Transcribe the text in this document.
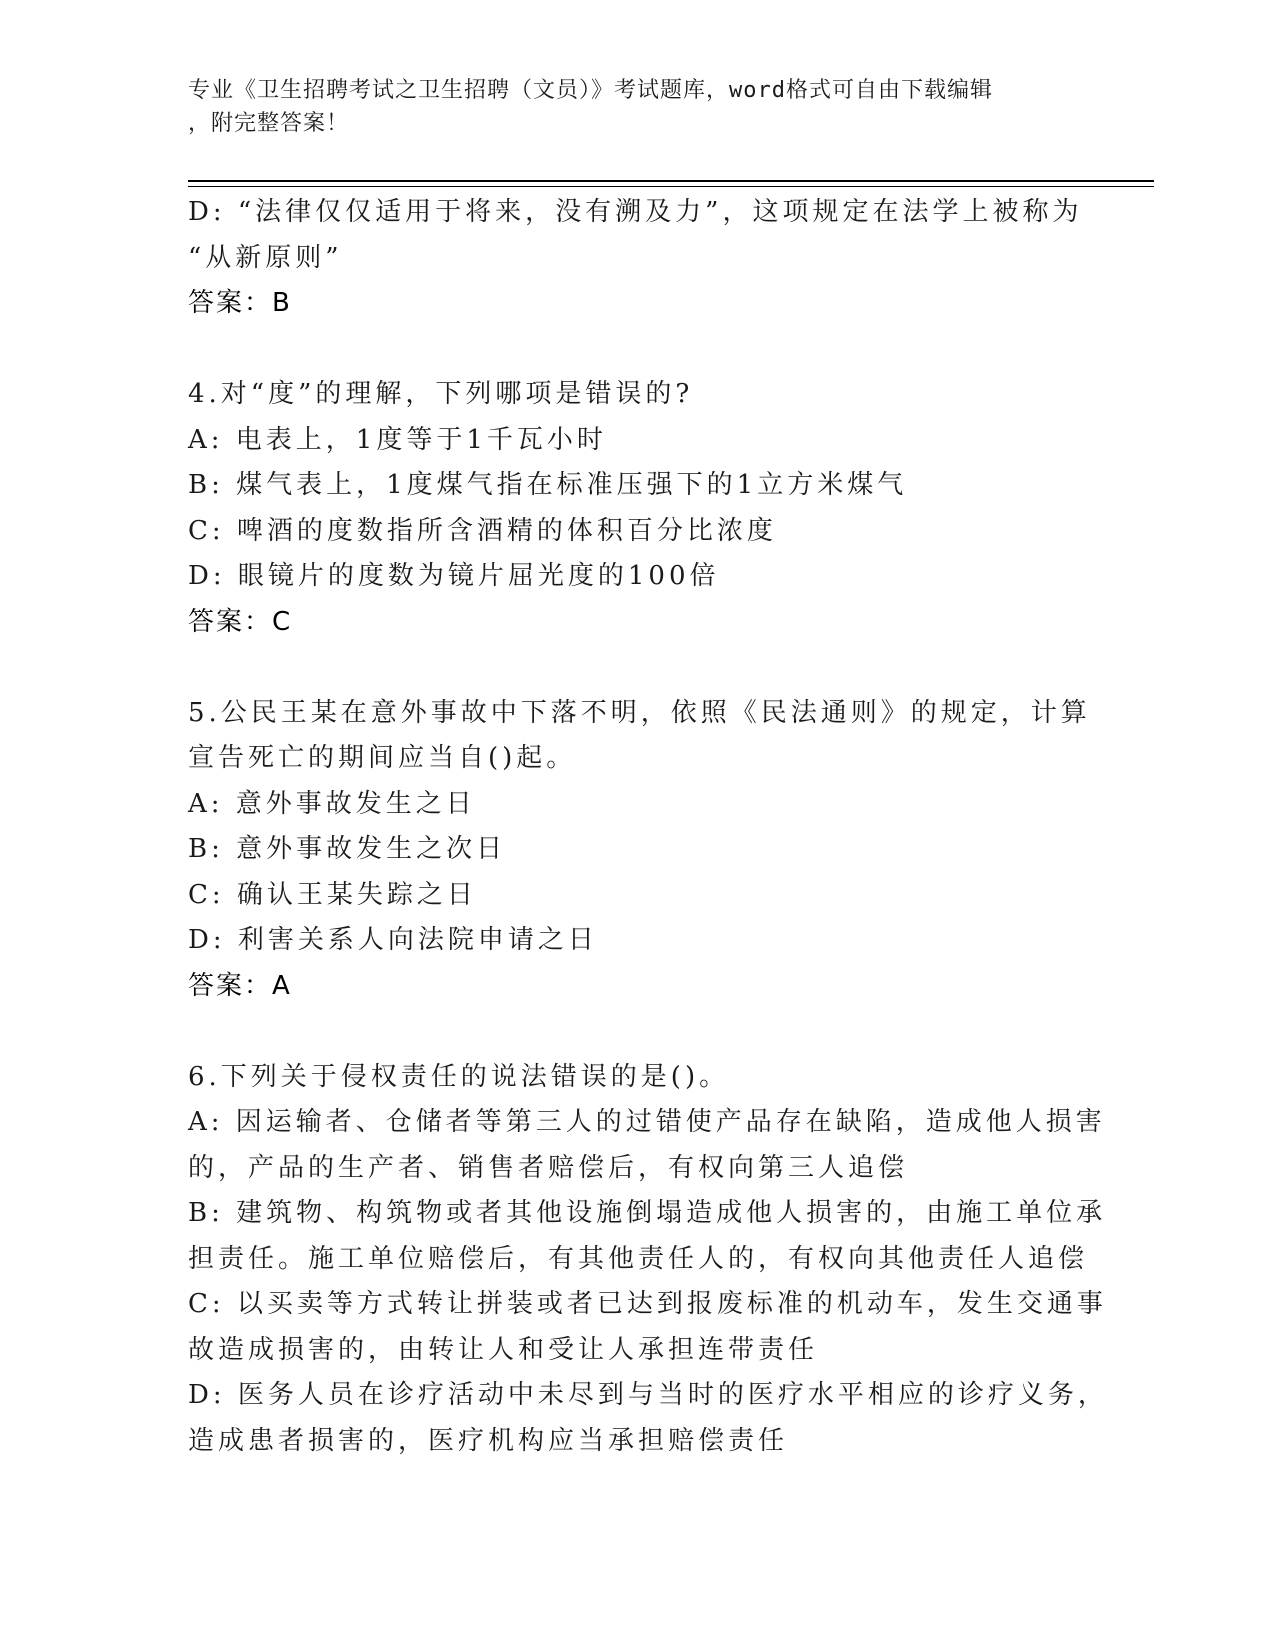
专业《卫生招聘考试之卫生招聘（文员）》考试题库，word格式可自由下载编辑
，附完整答案！
D: “法律仅仅适用于将来，没有溯及力”，这项规定在法学上被称为
“从新原则”
答案：B
4.对“度”的理解，下列哪项是错误的?
A: 电表上，1度等于1千瓦小时
B: 煤气表上，1度煤气指在标准压强下的1立方米煤气
C: 啤酒的度数指所含酒精的体积百分比浓度
D: 眼镜片的度数为镜片屈光度的100倍
答案：C
5.公民王某在意外事故中下落不明，依照《民法通则》的规定，计算
宣告死亡的期间应当自()起。
A: 意外事故发生之日
B: 意外事故发生之次日
C: 确认王某失踪之日
D: 利害关系人向法院申请之日
答案：A
6.下列关于侵权责任的说法错误的是()。
A: 因运输者、仓储者等第三人的过错使产品存在缺陷，造成他人损害
的，产品的生产者、销售者赔偿后，有权向第三人追偿
B: 建筑物、构筑物或者其他设施倒塌造成他人损害的，由施工单位承
担责任。施工单位赔偿后，有其他责任人的，有权向其他责任人追偿
C: 以买卖等方式转让拼装或者已达到报废标准的机动车，发生交通事
故造成损害的，由转让人和受让人承担连带责任
D: 医务人员在诊疗活动中未尽到与当时的医疗水平相应的诊疗义务，
造成患者损害的，医疗机构应当承担赔偿责任
